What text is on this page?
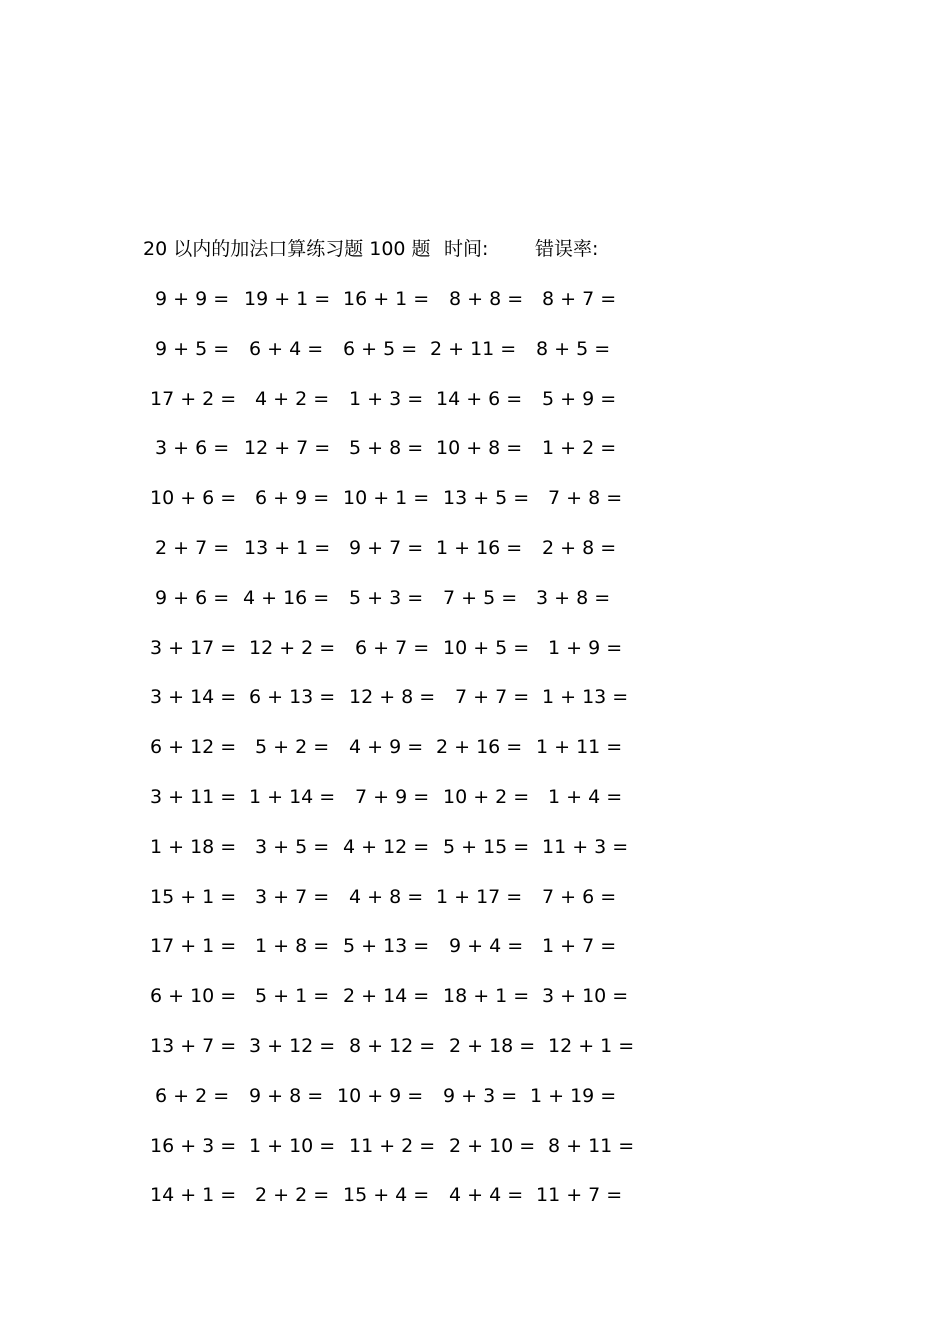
20 以内的加法口算练习题 100 题 时间: 错误率:
9 + 9 = 19 + 1 = 16 + 1 = 8 + 8 = 8 + 7 =
9 + 5 = 6 + 4 = 6 + 5 = 2 + 11 = 8 + 5 =
17 + 2 = 4 + 2 = 1 + 3 = 14 + 6 = 5 + 9 =
3 + 6 = 12 + 7 = 5 + 8 = 10 + 8 = 1 + 2 =
10 + 6 = 6 + 9 = 10 + 1 = 13 + 5 = 7 + 8 =
2 + 7 = 13 + 1 = 9 + 7 = 1 + 16 = 2 + 8 =
9 + 6 = 4 + 16 = 5 + 3 = 7 + 5 = 3 + 8 =
3 + 17 = 12 + 2 = 6 + 7 = 10 + 5 = 1 + 9 =
3 + 14 = 6 + 13 = 12 + 8 = 7 + 7 = 1 + 13 =
6 + 12 = 5 + 2 = 4 + 9 = 2 + 16 = 1 + 11 =
3 + 11 = 1 + 14 = 7 + 9 = 10 + 2 = 1 + 4 =
1 + 18 = 3 + 5 = 4 + 12 = 5 + 15 = 11 + 3 =
15 + 1 = 3 + 7 = 4 + 8 = 1 + 17 = 7 + 6 =
17 + 1 = 1 + 8 = 5 + 13 = 9 + 4 = 1 + 7 =
6 + 10 = 5 + 1 = 2 + 14 = 18 + 1 = 3 + 10 =
13 + 7 = 3 + 12 = 8 + 12 = 2 + 18 = 12 + 1 =
6 + 2 = 9 + 8 = 10 + 9 = 9 + 3 = 1 + 19 =
16 + 3 = 1 + 10 = 11 + 2 = 2 + 10 = 8 + 11 =
14 + 1 = 2 + 2 = 15 + 4 = 4 + 4 = 11 + 7 =
